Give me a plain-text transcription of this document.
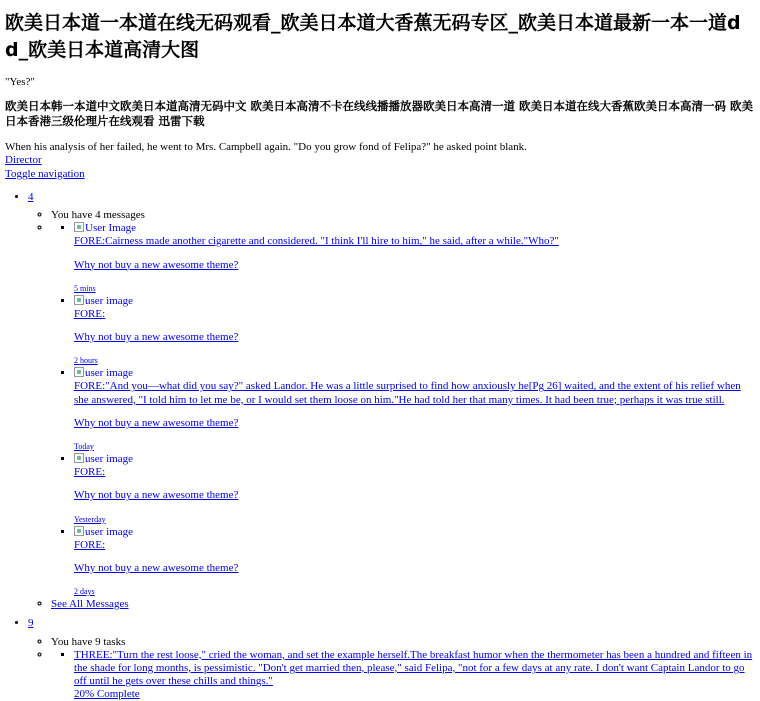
欧美日本道一本道在线无码观看_欧美日本道大香蕉无码专区_欧美日本道最新一本一道d d_欧美日本道高清大图

"Yes?"

欧美日本韩一本道中文欧美日本道高清无码中文 欧美日本高清不卡在线线播播放器欧美日本高清一道 欧美日本道在线大香蕉欧美日本高清一码 欧美日本香港三级伦理片在线观看 迅雷下载

When his analysis of her failed, he went to Mrs. Campbell again. "Do you grow fond of Felipa?" he asked point blank.

Director
Toggle navigation
• 4
◦ You have 4 messages
▪ ◦ User Image
FORE:Cairness made another cigarette and considered. "I think I'll hire to him," he said, after a while."Who?"

Why not buy a new awesome theme?

5 mins
▪ user image
FORE:

Why not buy a new awesome theme?

2 hours
▪ user image
FORE:"And you—what did you say?" asked Landor. He was a little surprised to find how anxiously he[Pg 26] waited, and the extent of his relief when she answered, "I told him to let me be, or I would set them loose on him."He had told her that many times. It had been true; perhaps it was true still.

Why not buy a new awesome theme?

Today
▪ user image
FORE:

Why not buy a new awesome theme?

Yesterday
▪ user image
FORE:

Why not buy a new awesome theme?

2 days
◦ See All Messages
• 9
◦ You have 9 tasks
▪ ◦ THREE:"Turn the rest loose," cried the woman, and set the example herself.The breakfast humor when the thermometer has been a hundred and fifteen in the shade for long months, is pessimistic. "Don't get married then, please," said Felipa, "not for a few days at any rate. I don't want Captain Landor to go off until he gets over these chills and things."
20% Complete
